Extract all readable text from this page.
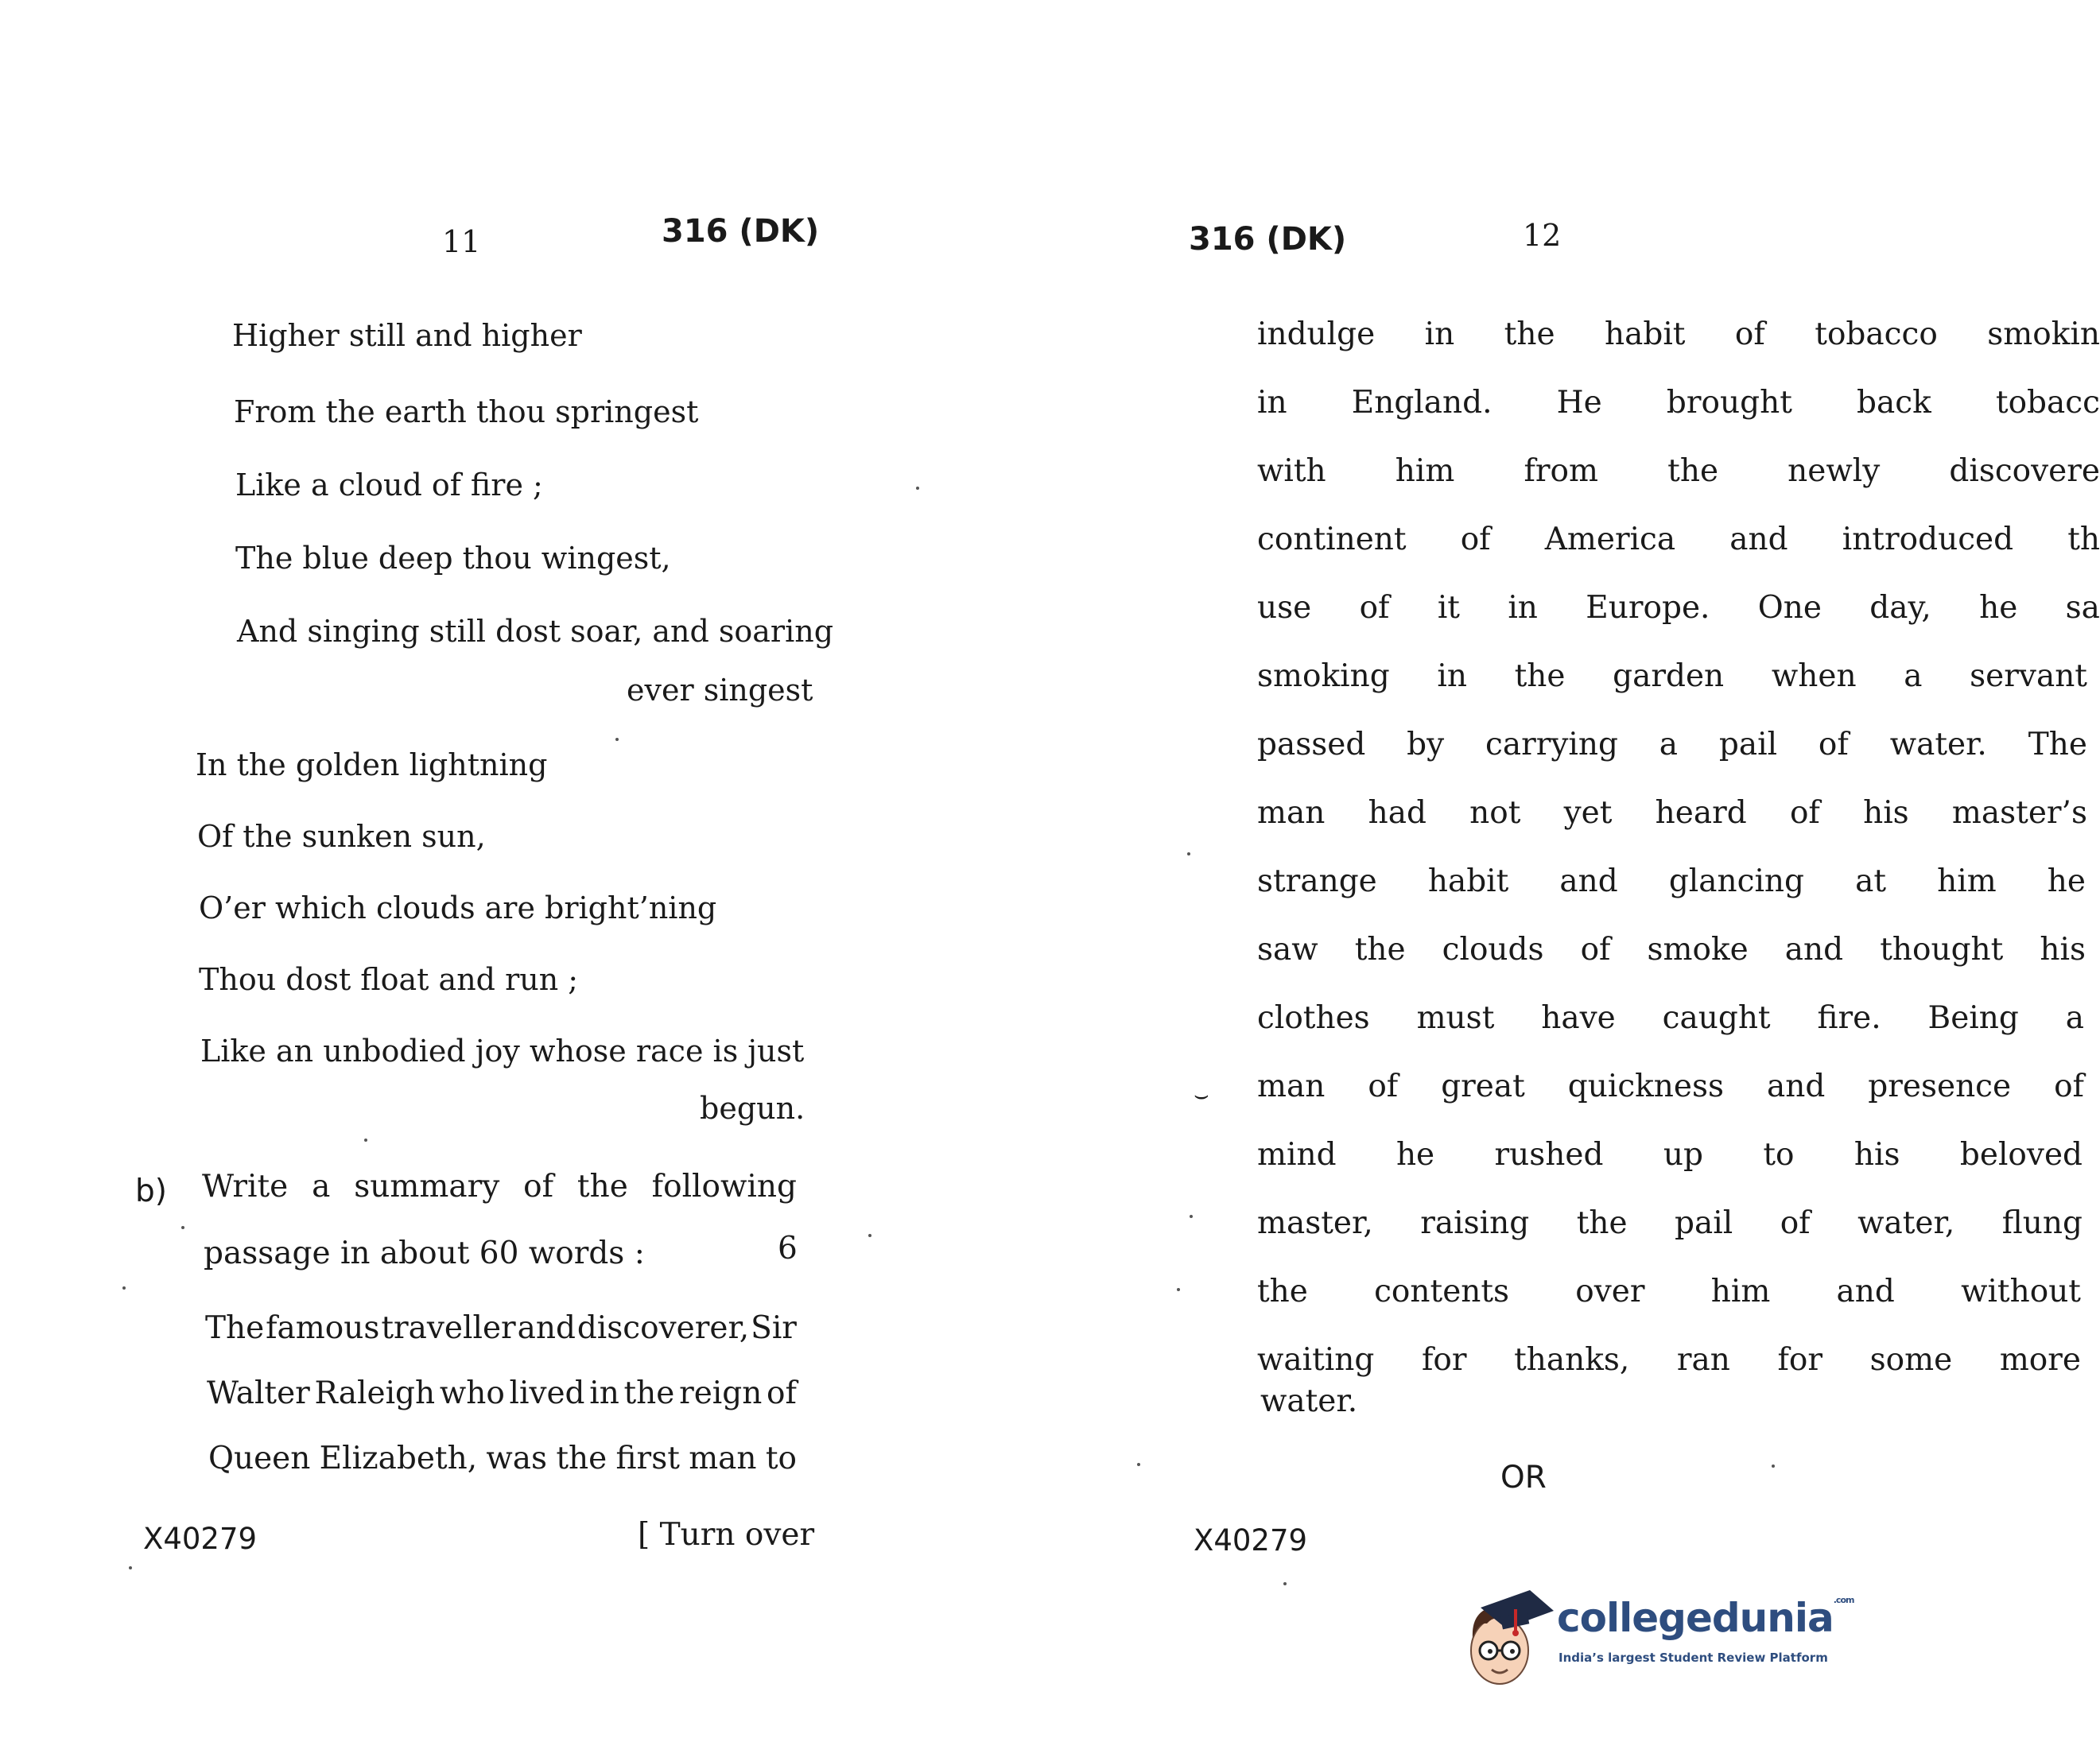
11	316 (DK)
Higher still and higher
From the earth thou springest
Like a cloud of fire ;
The blue deep thou wingest,
And singing still dost soar, and soaring
ever singest
In the golden lightning
Of the sunken sun,
O’er which clouds are bright’ning
Thou dost float and run ;
Like an unbodied joy whose race is just
begun.
b) Write a summary of the following
passage in about 60 words :	6
The famous traveller and discoverer, Sir
Walter Raleigh who lived in the reign of
Queen Elizabeth, was the first man to
X40279	[ Turn over
316 (DK)	12
indulge in the habit of tobacco smokin
in England. He brought back tobacc
with him from the newly discovere
continent of America and introduced th
use of it in Europe. One day, he sa
smoking in the garden when a servant
passed by carrying a pail of water. The
man had not yet heard of his master’s
strange habit and glancing at him he
saw the clouds of smoke and thought his
clothes must have caught fire. Being a
man of great quickness and presence of
mind he rushed up to his beloved
master, raising the pail of water, flung
the contents over him and without
waiting for thanks, ran for some more
water.
OR
X40279
⌣
collegedunia$^{.com}$
India’s largest Student Review Platform
